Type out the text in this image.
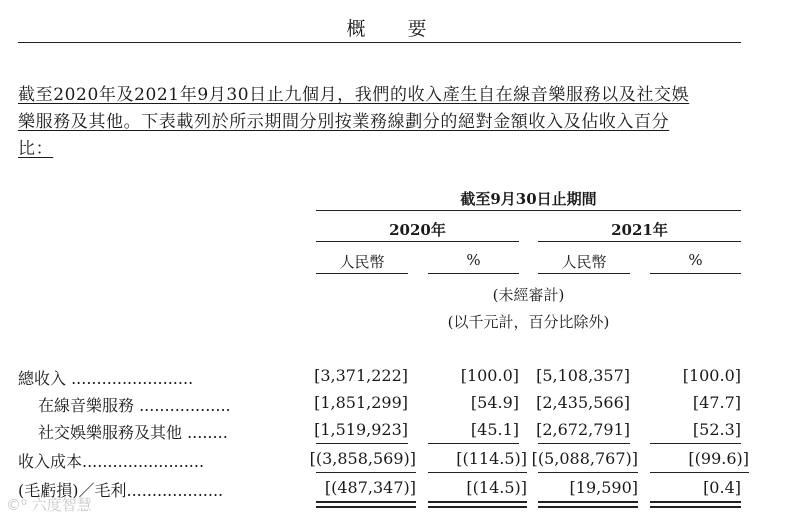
概 要
截至2020年及2021年9月30日止九個月，我們的收入產生自在線音樂服務以及社交娛
樂服務及其他。下表載列於所示期間分別按業務線劃分的絕對金額收入及佔收入百分
比：
截至9月30日止期間
2020年	2021年
人民幣	%	人民幣	%
(未經審計)
(以千元計，百分比除外)
總收入 ........................	[3,371,222]	[100.0]	[5,108,357]	[100.0]
在線音樂服務 ..................	[1,851,299]	[54.9]	[2,435,566]	[47.7]
社交娛樂服務及其他 ........	[1,519,923]	[45.1]	[2,672,791]	[52.3]
收入成本........................	[(3,858,569)]	[(114.5)] [(5,088,767)]	[(99.6)]
(毛虧損)／毛利...................	[(487,347)]	[(14.5)]	[19,590]	[0.4]
©⁰ 六度智慧
